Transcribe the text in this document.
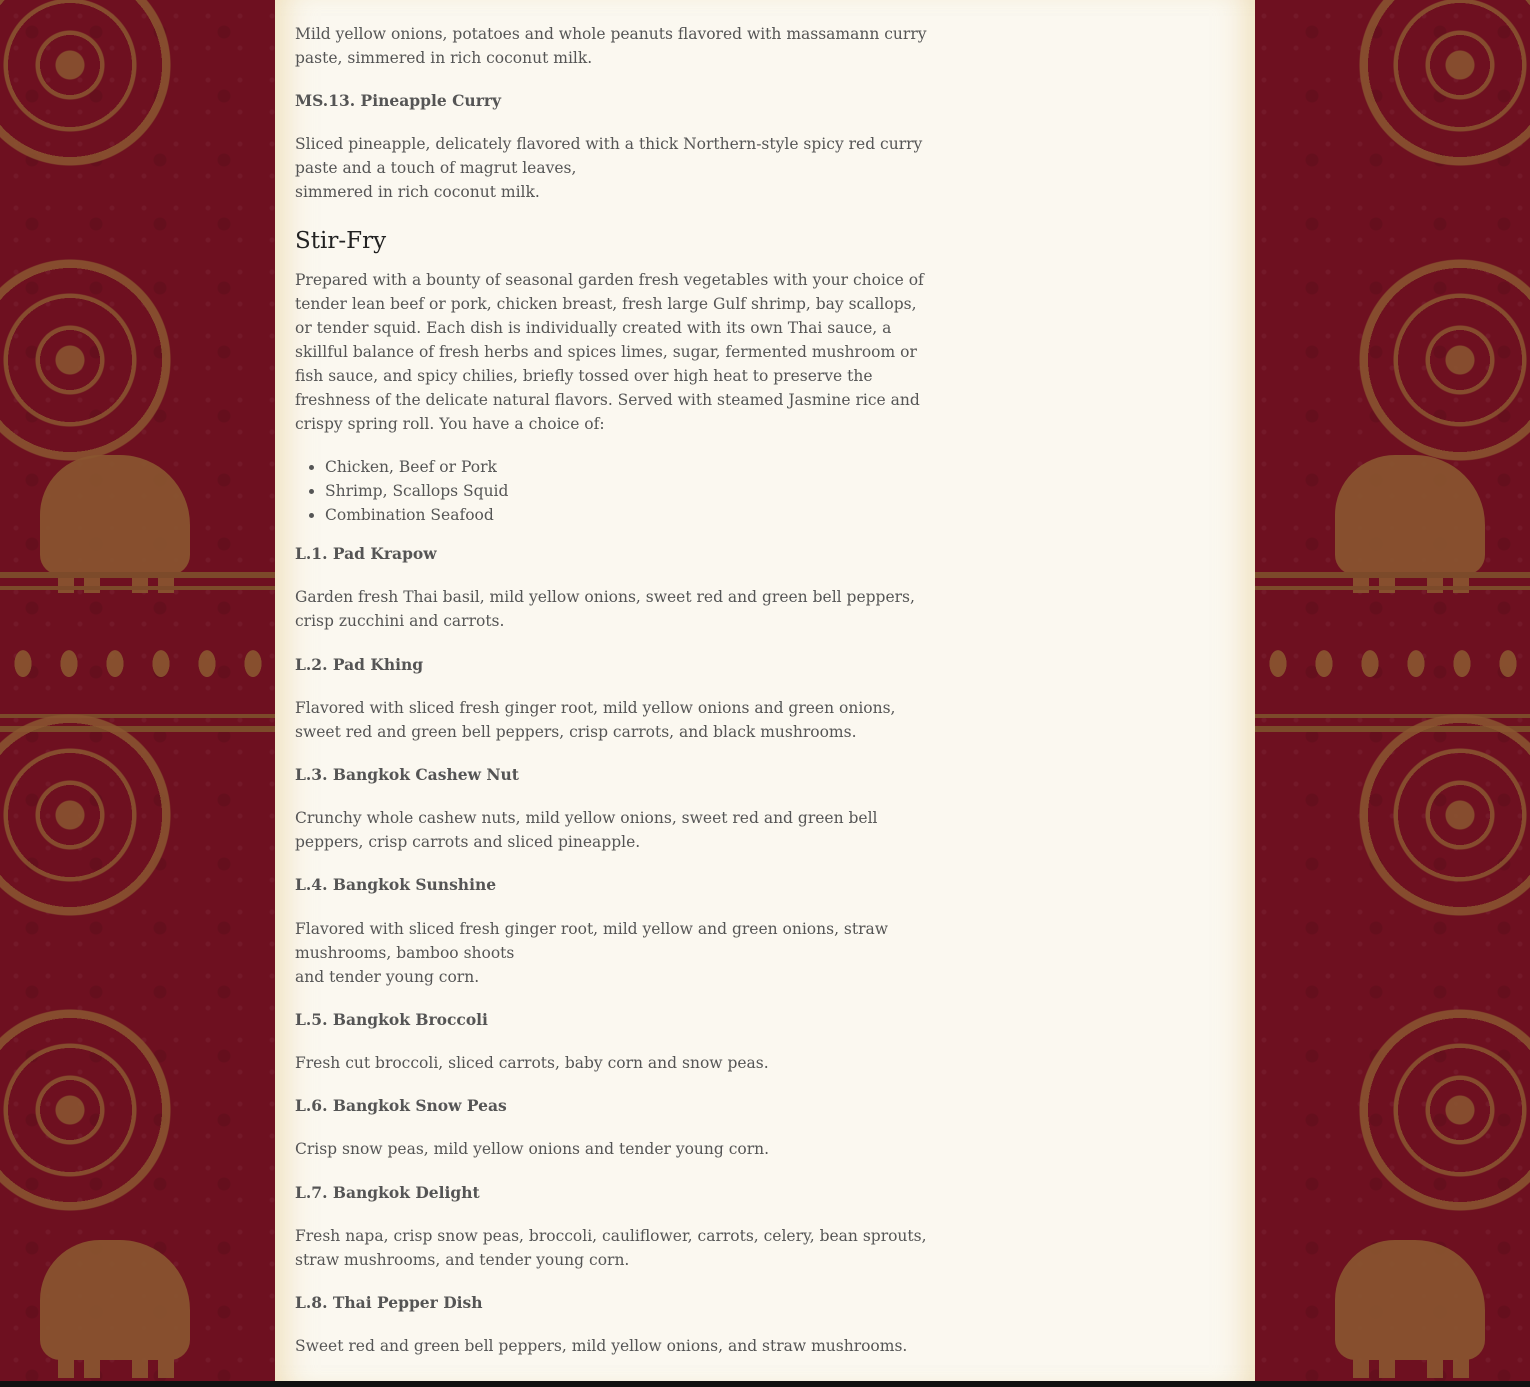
Mild yellow onions, potatoes and whole peanuts flavored with massamann curry
paste, simmered in rich coconut milk.

MS.13. Pineapple Curry

Sliced pineapple, delicately flavored with a thick Northern-style spicy red curry paste and a touch of magrut leaves,
simmered in rich coconut milk.

Stir-Fry

Prepared with a bounty of seasonal garden fresh vegetables with your choice of tender lean beef or pork, chicken breast, fresh large Gulf shrimp, bay scallops, or tender squid. Each dish is individually created with its own Thai sauce, a skillful balance of fresh herbs and spices limes, sugar, fermented mushroom or fish sauce, and spicy chilies, briefly tossed over high heat to preserve the freshness of the delicate natural flavors. Served with steamed Jasmine rice and crispy spring roll. You have a choice of:

• Chicken, Beef or Pork
• Shrimp, Scallops Squid
• Combination Seafood

L.1. Pad Krapow

Garden fresh Thai basil, mild yellow onions, sweet red and green bell peppers, crisp zucchini and carrots.

L.2. Pad Khing

Flavored with sliced fresh ginger root, mild yellow onions and green onions, sweet red and green bell peppers, crisp carrots, and black mushrooms.

L.3. Bangkok Cashew Nut

Crunchy whole cashew nuts, mild yellow onions, sweet red and green bell peppers, crisp carrots and sliced pineapple.

L.4. Bangkok Sunshine

Flavored with sliced fresh ginger root, mild yellow and green onions, straw mushrooms, bamboo shoots
and tender young corn.

L.5. Bangkok Broccoli

Fresh cut broccoli, sliced carrots, baby corn and snow peas.

L.6. Bangkok Snow Peas

Crisp snow peas, mild yellow onions and tender young corn.

L.7. Bangkok Delight

Fresh napa, crisp snow peas, broccoli, cauliflower, carrots, celery, bean sprouts, straw mushrooms, and tender young corn.

L.8. Thai Pepper Dish

Sweet red and green bell peppers, mild yellow onions, and straw mushrooms.
